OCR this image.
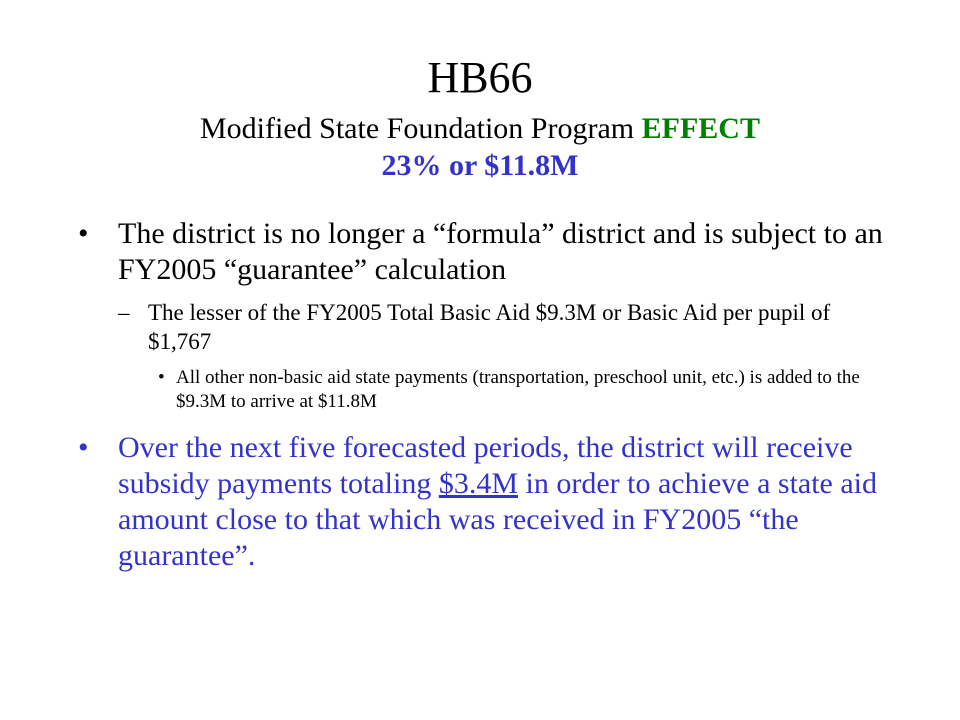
HB66

Modified State Foundation Program EFFECT

23% or $11.8M

• The district is no longer a “formula” district and is subject to an FY2005 “guarantee” calculation
– The lesser of the FY2005 Total Basic Aid $9.3M or Basic Aid per pupil of $1,767
• All other non-basic aid state payments (transportation, preschool unit, etc.) is added to the $9.3M to arrive at $11.8M
• Over the next five forecasted periods, the district will receive subsidy payments totaling $3.4M in order to achieve a state aid amount close to that which was received in FY2005 “the guarantee”.
